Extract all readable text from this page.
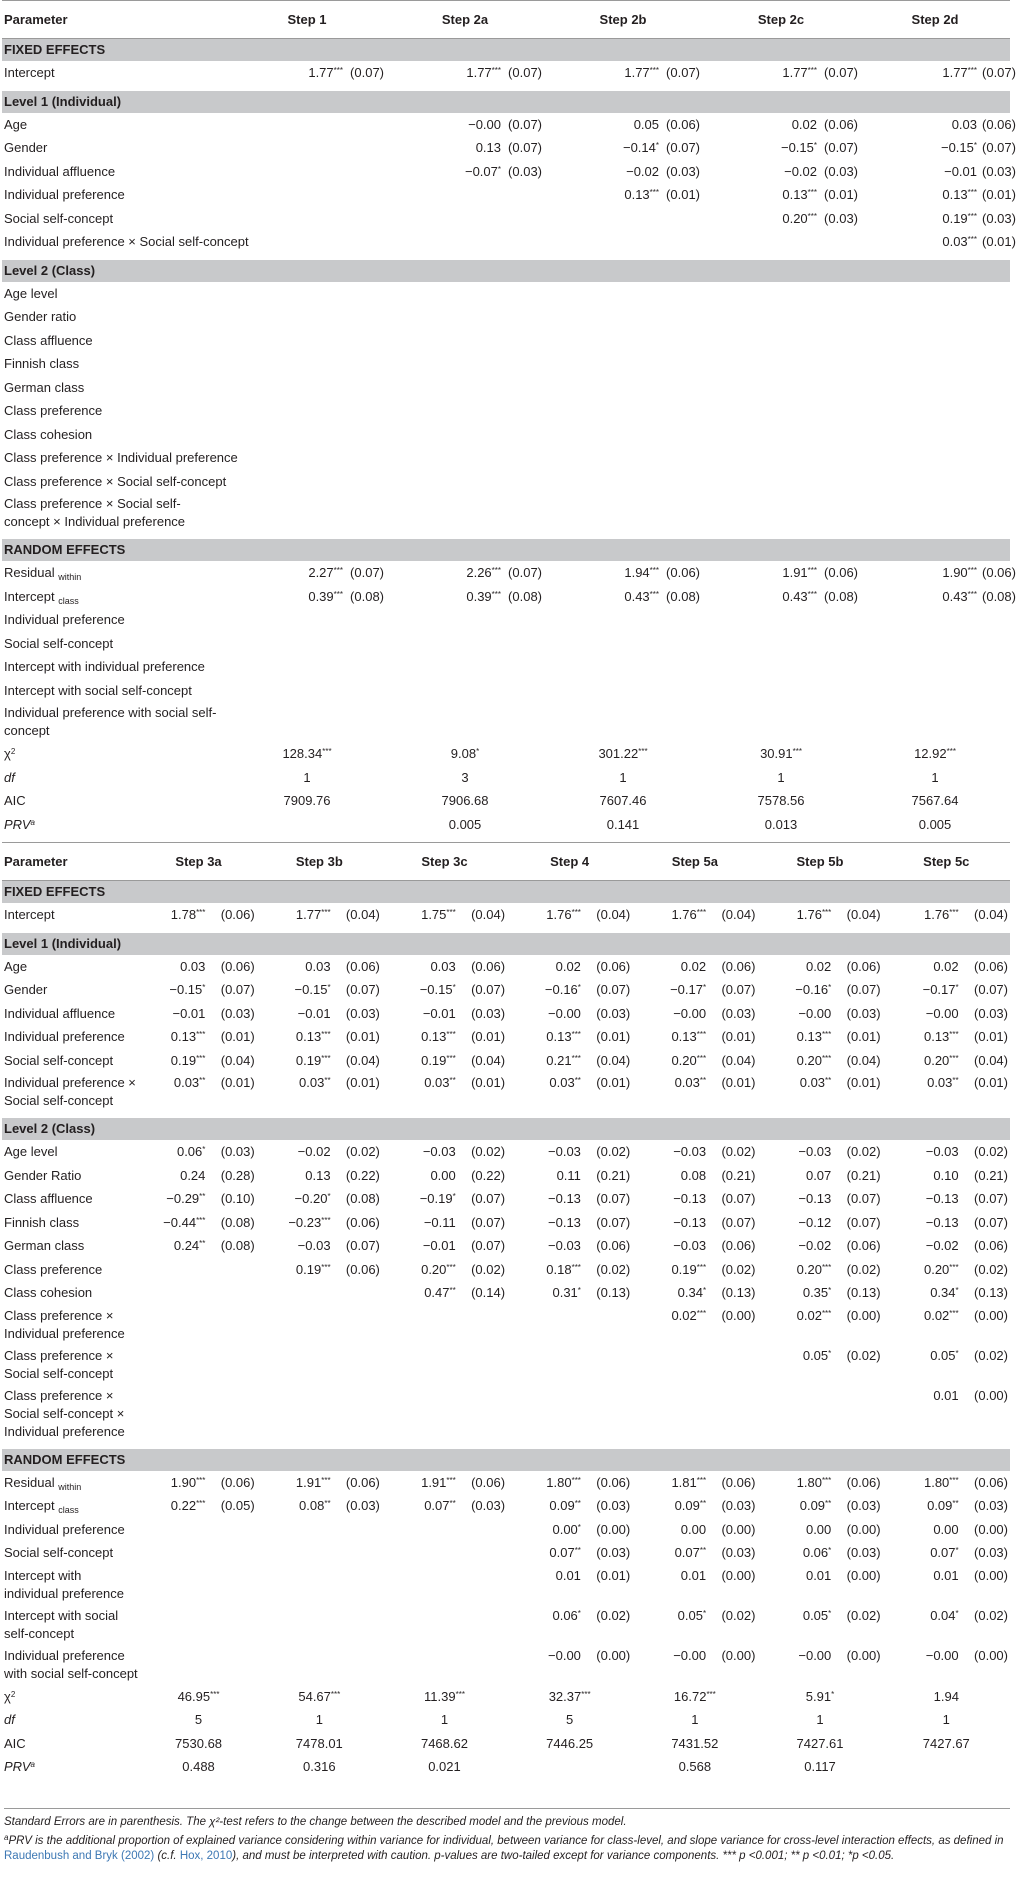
Parameter	Step 1		Step 2a		Step 2b		Step 2c		Step 2d	
FIXED EFFECTS										
Intercept	1.77***	(0.07)	1.77***	(0.07)	1.77***	(0.07)	1.77***	(0.07)	1.77***	(0.07)
Level 1 (Individual)										
Age			−0.00	(0.07)	0.05	(0.06)	0.02	(0.06)	0.03	(0.06)
Gender			0.13	(0.07)	−0.14*	(0.07)	−0.15*	(0.07)	−0.15*	(0.07)
Individual affluence			−0.07*	(0.03)	−0.02	(0.03)	−0.02	(0.03)	−0.01	(0.03)
Individual preference					0.13***	(0.01)	0.13***	(0.01)	0.13***	(0.01)
Social self-concept							0.20***	(0.03)	0.19***	(0.03)
Individual preference × Social self-concept									0.03***	(0.01)
Level 2 (Class)										
Age level										
Gender ratio										
Class affluence										
Finnish class										
German class										
Class preference										
Class cohesion										
Class preference × Individual preference										
Class preference × Social self-concept										
Class preference × Social self-concept × Individual preference										
RANDOM EFFECTS										
Residual $_{within}$	2.27***	(0.07)	2.26***	(0.07)	1.94***	(0.06)	1.91***	(0.06)	1.90***	(0.06)
Intercept $_{class}$	0.39***	(0.08)	0.39***	(0.08)	0.43***	(0.08)	0.43***	(0.08)	0.43***	(0.08)
Individual preference										
Social self-concept										
Intercept with individual preference										
Intercept with social self-concept										
Individual preference with social self-concept										
$\chi^2$	128.34***		9.08*		301.22***		30.91***		12.92***
df	1		3		1		1		1	
AIC	7909.76		7906.68		7607.46		7578.56		7567.64	
PRV$^a$			0.005		0.141		0.013		0.005	
Parameter	Step 3a		Step 3b		Step 3c		Step 4		Step 5a		Step 5b		Step 5c	
FIXED EFFECTS														
Intercept	1.78***	(0.06)	1.77***	(0.04)	1.75***	(0.04)	1.76***	(0.04)	1.76***	(0.04)	1.76***	(0.04)	1.76***	(0.04)
Level 1 (Individual)														
Age	0.03	(0.06)	0.03	(0.06)	0.03	(0.06)	0.02	(0.06)	0.02	(0.06)	0.02	(0.06)	0.02	(0.06)
Gender	−0.15*	(0.07)	−0.15*	(0.07)	−0.15*	(0.07)	−0.16*	(0.07)	−0.17*	(0.07)	−0.16*	(0.07)	−0.17*	(0.07)
Individual affluence	−0.01	(0.03)	−0.01	(0.03)	−0.01	(0.03)	−0.00	(0.03)	−0.00	(0.03)	−0.00	(0.03)	−0.00	(0.03)
Individual preference	0.13***	(0.01)	0.13***	(0.01)	0.13***	(0.01)	0.13***	(0.01)	0.13***	(0.01)	0.13***	(0.01)	0.13***	(0.01)
Social self-concept	0.19***	(0.04)	0.19***	(0.04)	0.19***	(0.04)	0.21***	(0.04)	0.20***	(0.04)	0.20***	(0.04)	0.20***	(0.04)
Individual preference × Social self-concept	0.03**	(0.01)	0.03**	(0.01)	0.03**	(0.01)	0.03**	(0.01)	0.03**	(0.01)	0.03**	(0.01)	0.03**	(0.01)
Level 2 (Class)														
Age level	0.06*	(0.03)	−0.02	(0.02)	−0.03	(0.02)	−0.03	(0.02)	−0.03	(0.02)	−0.03	(0.02)	−0.03	(0.02)
Gender Ratio	0.24	(0.28)	0.13	(0.22)	0.00	(0.22)	0.11	(0.21)	0.08	(0.21)	0.07	(0.21)	0.10	(0.21)
Class affluence	−0.29**	(0.10)	−0.20*	(0.08)	−0.19*	(0.07)	−0.13	(0.07)	−0.13	(0.07)	−0.13	(0.07)	−0.13	(0.07)
Finnish class	−0.44***	(0.08)	−0.23***	(0.06)	−0.11	(0.07)	−0.13	(0.07)	−0.13	(0.07)	−0.12	(0.07)	−0.13	(0.07)
German class	0.24**	(0.08)	−0.03	(0.07)	−0.01	(0.07)	−0.03	(0.06)	−0.03	(0.06)	−0.02	(0.06)	−0.02	(0.06)
Class preference			0.19***	(0.06)	0.20***	(0.02)	0.18***	(0.02)	0.19***	(0.02)	0.20***	(0.02)	0.20***	(0.02)
Class cohesion					0.47**	(0.14)	0.31*	(0.13)	0.34*	(0.13)	0.35*	(0.13)	0.34*	(0.13)
Class preference × Individual preference									0.02***	(0.00)	0.02***	(0.00)	0.02***	(0.00)
Class preference × Social self-concept											0.05*	(0.02)	0.05*	(0.02)
Class preference × Social self-concept × Individual preference													0.01	(0.00)
RANDOM EFFECTS														
Residual $_{within}$	1.90***	(0.06)	1.91***	(0.06)	1.91***	(0.06)	1.80***	(0.06)	1.81***	(0.06)	1.80***	(0.06)	1.80***	(0.06)
Intercept $_{class}$	0.22***	(0.05)	0.08**	(0.03)	0.07**	(0.03)	0.09**	(0.03)	0.09**	(0.03)	0.09**	(0.03)	0.09**	(0.03)
Individual preference							0.00*	(0.00)	0.00	(0.00)	0.00	(0.00)	0.00	(0.00)
Social self-concept							0.07**	(0.03)	0.07**	(0.03)	0.06*	(0.03)	0.07*	(0.03)
Intercept with individual preference							0.01	(0.01)	0.01	(0.00)	0.01	(0.00)	0.01	(0.00)
Intercept with social self-concept							0.06*	(0.02)	0.05*	(0.02)	0.05*	(0.02)	0.04*	(0.02)
Individual preference with social self-concept							−0.00	(0.00)	−0.00	(0.00)	−0.00	(0.00)	−0.00	(0.00)
$\chi^2$	46.95***		54.67***		11.39***		32.37***		16.72***		5.91*		1.94	
df	5		1		1		5		1		1		1	
AIC	7530.68		7478.01		7468.62		7446.25		7431.52		7427.61		7427.67	
PRV$^a$	0.488		0.316		0.021				0.568		0.117			

Standard Errors are in parenthesis. The χ²-test refers to the change between the described model and the previous model.

$^a$PRV is the additional proportion of explained variance considering within variance for individual, between variance for class-level, and slope variance for cross-level interaction effects, as defined in Raudenbush and Bryk (2002) (c.f. Hox, 2010), and must be interpreted with caution. p-values are two-tailed except for variance components. *** p <0.001; ** p <0.01; *p <0.05.
